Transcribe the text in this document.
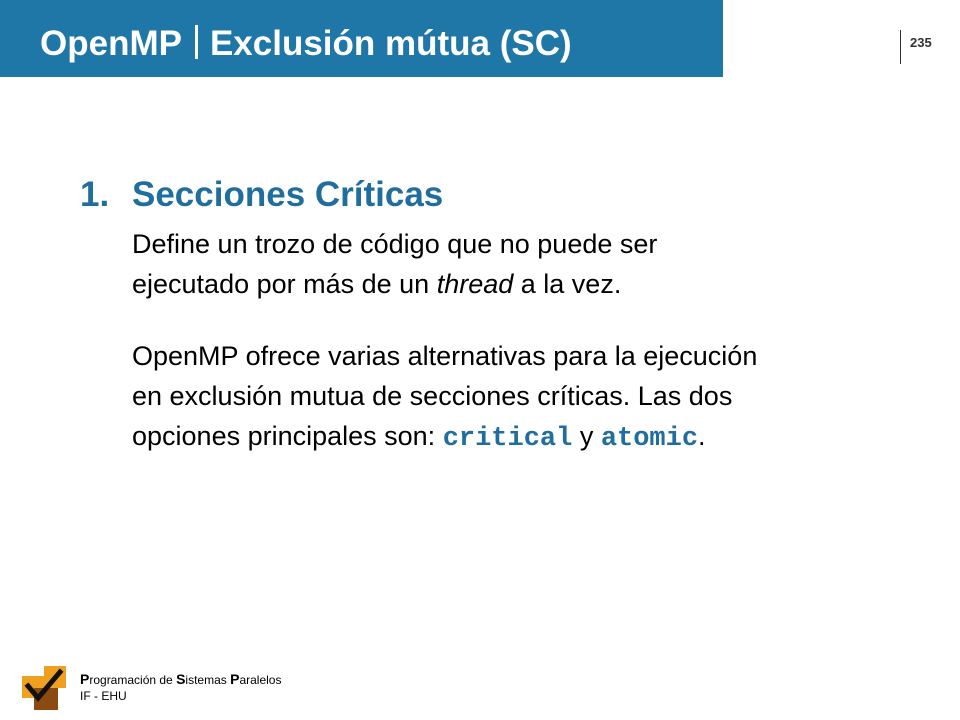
OpenMP Exclusión mútua (SC)	235
1. Secciones Críticas
Define un trozo de código que no puede ser
ejecutado por más de un thread a la vez.
OpenMP ofrece varias alternativas para la ejecución
en exclusión mutua de secciones críticas. Las dos
opciones principales son: critical y atomic.
Programación de Sistemas Paralelos
IF - EHU
